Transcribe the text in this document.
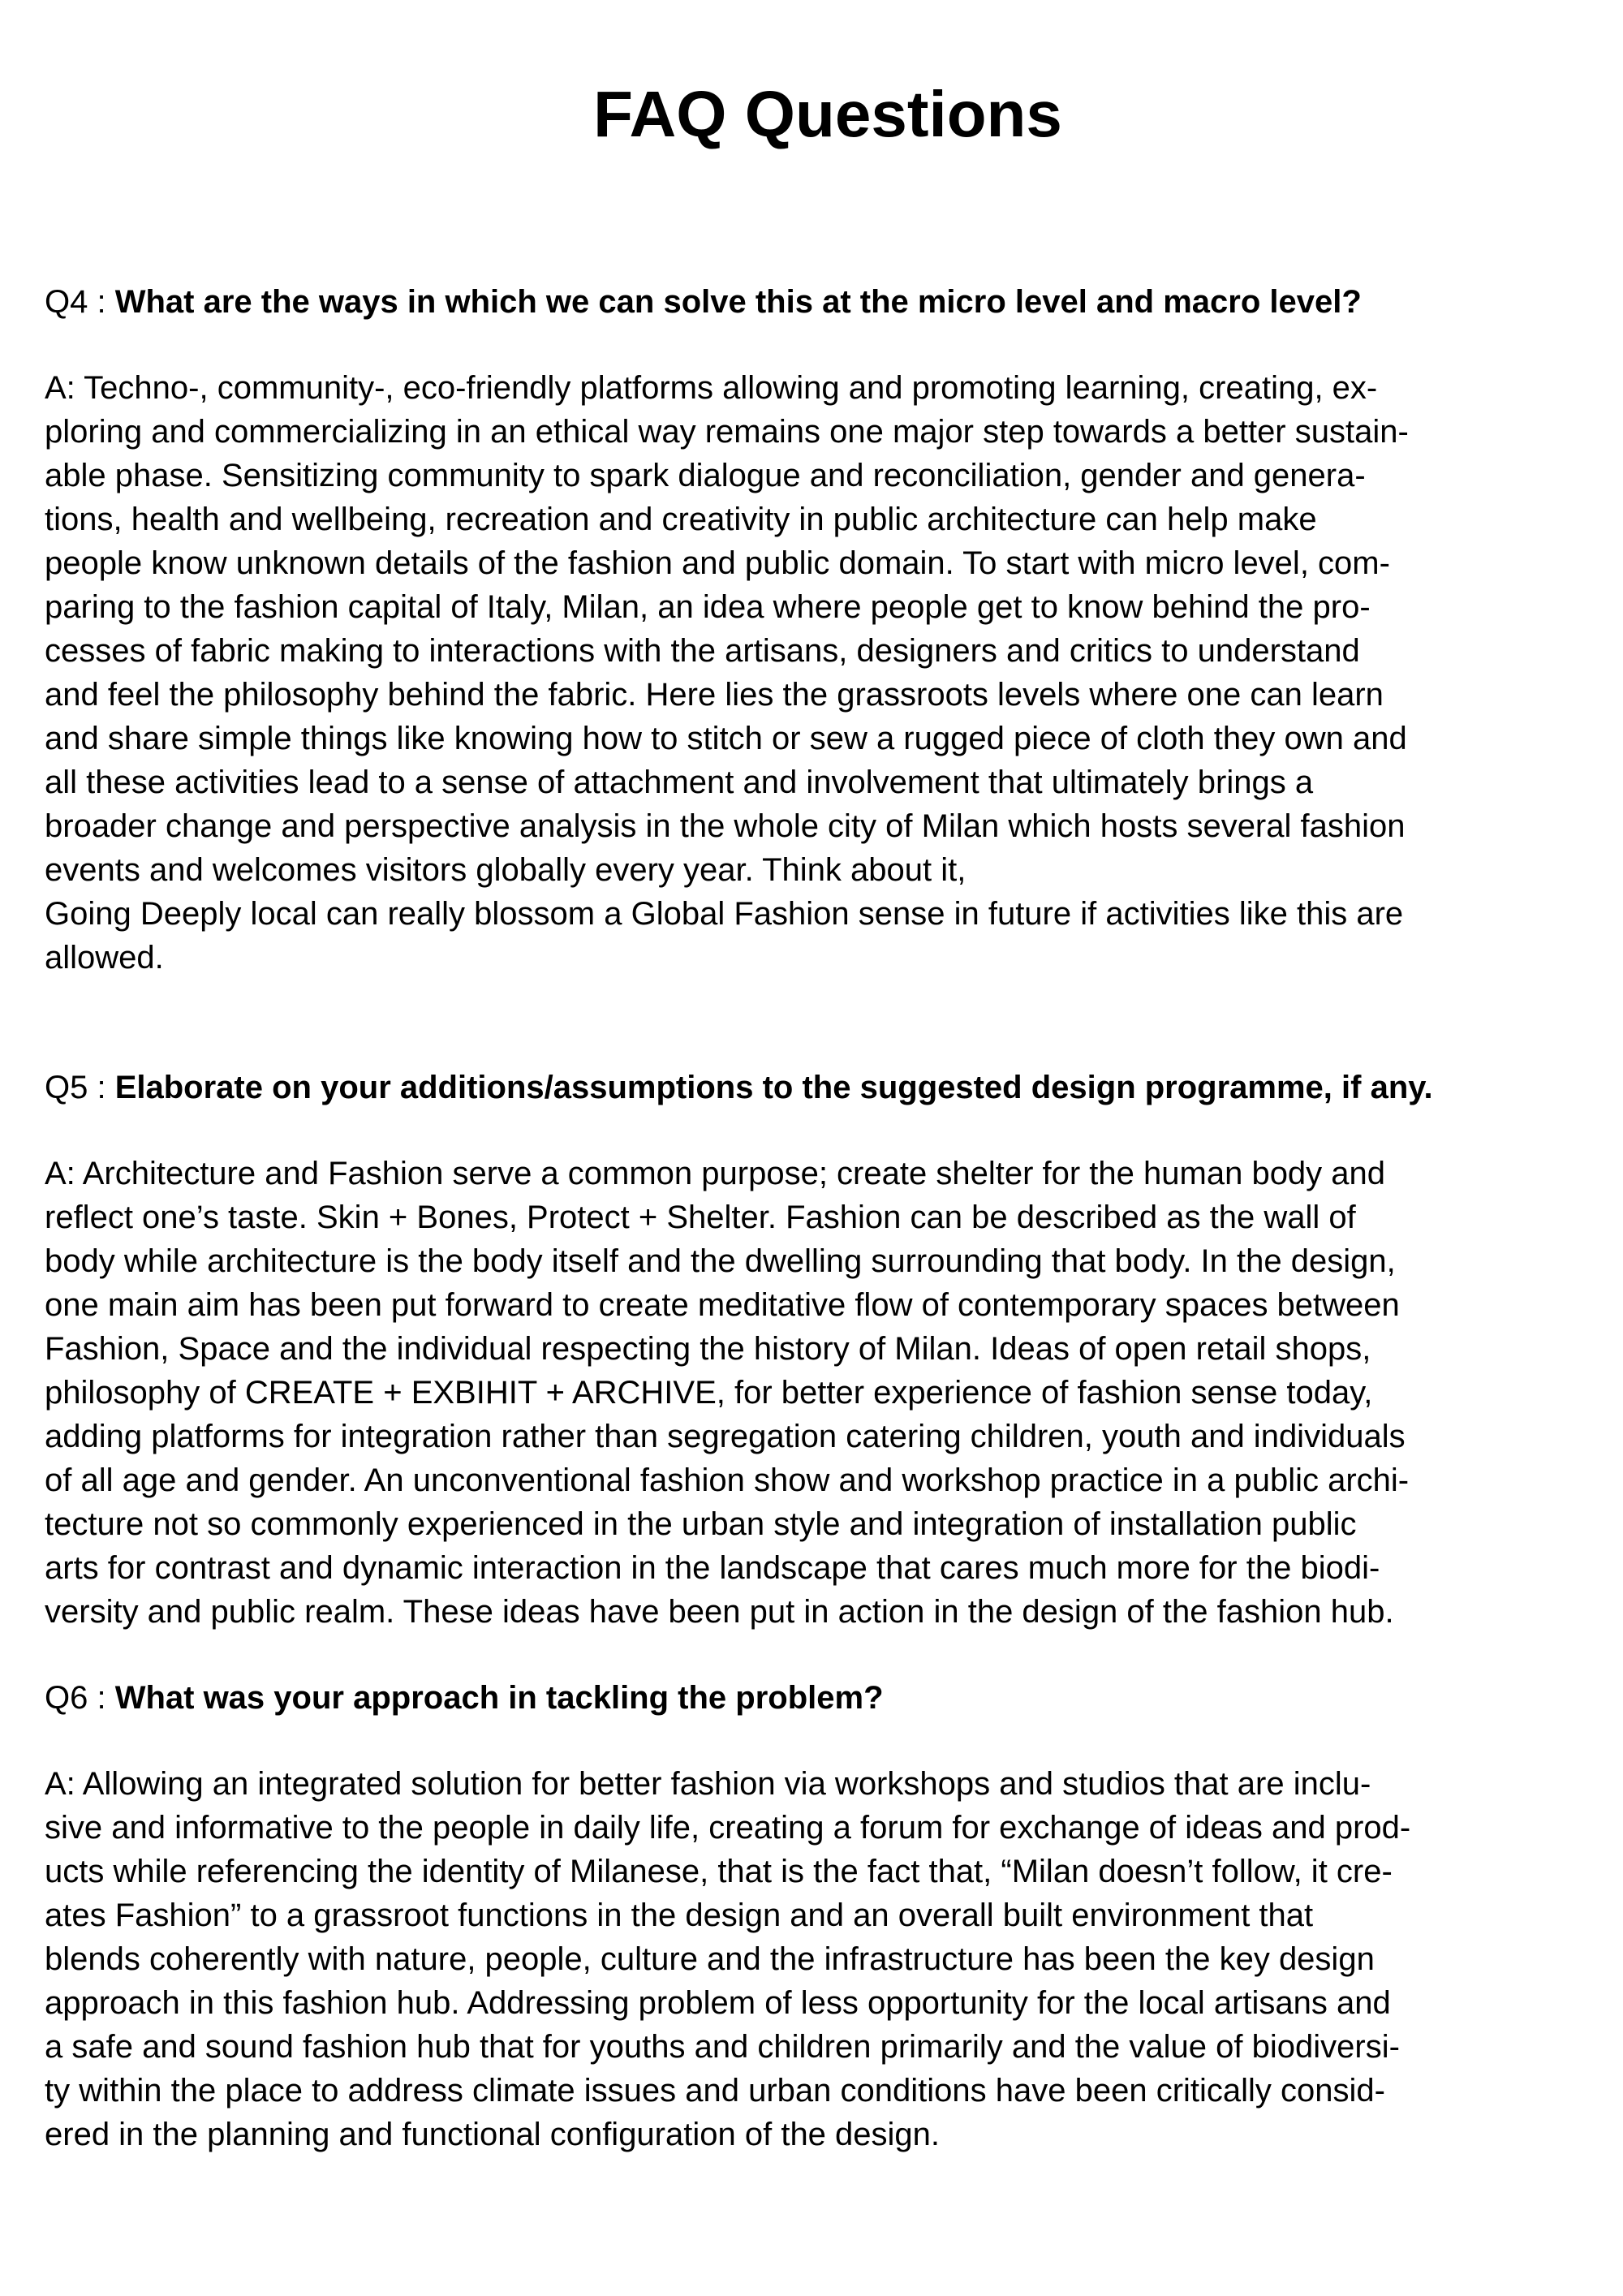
FAQ Questions

Q4 : What are the ways in which we can solve this at the micro level and macro level?

A: Techno-, community-, eco-friendly platforms allowing and promoting learning, creating, ex-
ploring and commercializing in an ethical way remains one major step towards a better sustain-
able phase. Sensitizing community to spark dialogue and reconciliation, gender and genera-
tions, health and wellbeing, recreation and creativity in public architecture can help make
people know unknown details of the fashion and public domain. To start with micro level, com-
paring to the fashion capital of Italy, Milan, an idea where people get to know behind the pro-
cesses of fabric making to interactions with the artisans, designers and critics to understand
and feel the philosophy behind the fabric. Here lies the grassroots levels where one can learn
and share simple things like knowing how to stitch or sew a rugged piece of cloth they own and
all these activities lead to a sense of attachment and involvement that ultimately brings a
broader change and perspective analysis in the whole city of Milan which hosts several fashion
events and welcomes visitors globally every year. Think about it,
Going Deeply local can really blossom a Global Fashion sense in future if activities like this are
allowed.

Q5 : Elaborate on your additions/assumptions to the suggested design programme, if any.

A: Architecture and Fashion serve a common purpose; create shelter for the human body and
reflect one’s taste. Skin + Bones, Protect + Shelter. Fashion can be described as the wall of
body while architecture is the body itself and the dwelling surrounding that body. In the design,
one main aim has been put forward to create meditative flow of contemporary spaces between
Fashion, Space and the individual respecting the history of Milan. Ideas of open retail shops,
philosophy of CREATE + EXBIHIT + ARCHIVE, for better experience of fashion sense today,
adding platforms for integration rather than segregation catering children, youth and individuals
of all age and gender. An unconventional fashion show and workshop practice in a public archi-
tecture not so commonly experienced in the urban style and integration of installation public
arts for contrast and dynamic interaction in the landscape that cares much more for the biodi-
versity and public realm. These ideas have been put in action in the design of the fashion hub.

Q6 : What was your approach in tackling the problem?

A: Allowing an integrated solution for better fashion via workshops and studios that are inclu-
sive and informative to the people in daily life, creating a forum for exchange of ideas and prod-
ucts while referencing the identity of Milanese, that is the fact that, “Milan doesn’t follow, it cre-
ates Fashion” to a grassroot functions in the design and an overall built environment that
blends coherently with nature, people, culture and the infrastructure has been the key design
approach in this fashion hub. Addressing problem of less opportunity for the local artisans and
a safe and sound fashion hub that for youths and children primarily and the value of biodiversi-
ty within the place to address climate issues and urban conditions have been critically consid-
ered in the planning and functional configuration of the design.
